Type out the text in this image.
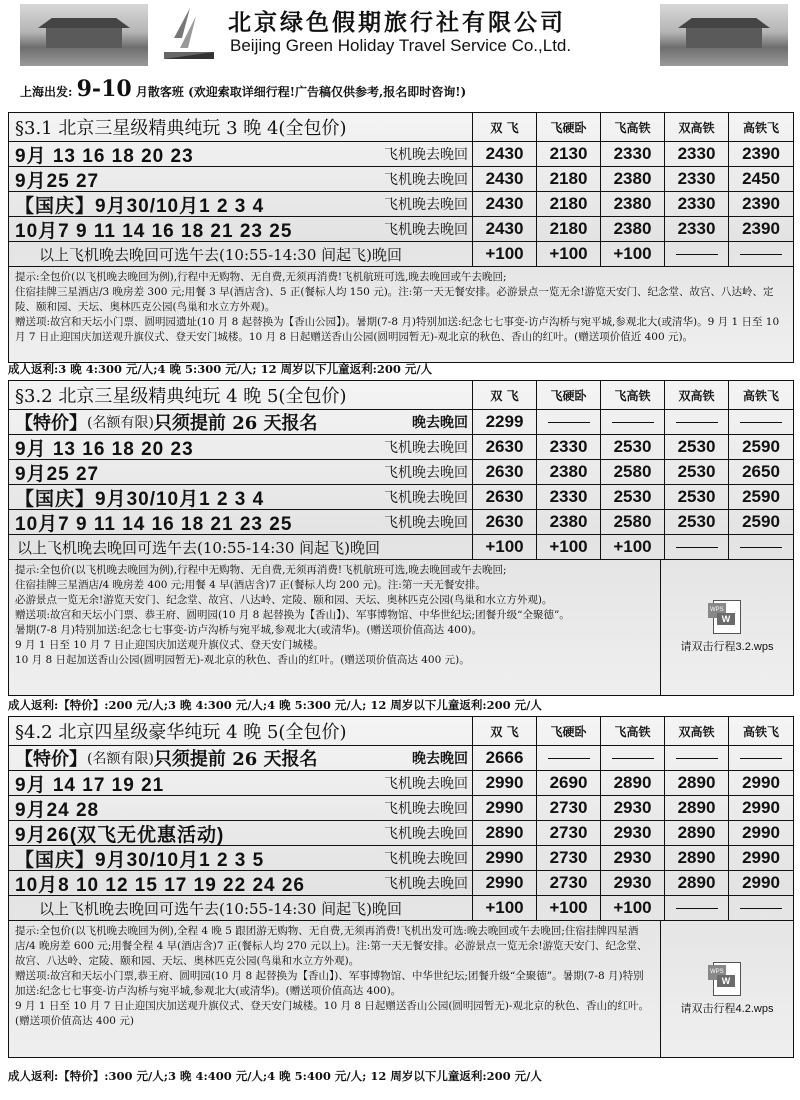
北京绿色假期旅行社有限公司
Beijing Green Holiday Travel Service Co.,Ltd.
上海出发: 9-10 月散客班 (欢迎索取详细行程!广告稿仅供参考,报名即时咨询!)
§3.1 北京三星级精典纯玩 3 晚 4(全包价)	双 飞	飞硬卧	飞高铁	双高铁	高铁飞
9月 13 16 18 20 23	飞机晚去晚回	2430	2130	2330	2330	2390
9月25 27	飞机晚去晚回	2430	2180	2380	2330	2450
【国庆】9月30/10月1 2 3 4	飞机晚去晚回	2430	2180	2380	2330	2390
10月7 9 11 14 16 18 21 23 25	飞机晚去晚回	2430	2180	2380	2330	2390
以上飞机晚去晚回可选午去(10:55-14:30 间起飞)晚回	+100	+100	+100

提示:全包价(以飞机晚去晚回为例),行程中无购物、无自费,无须再消费!飞机航班可选,晚去晚回或午去晚回;

住宿挂牌三星酒店/3 晚房差 300 元;用餐 3 早(酒店含)、5 正(餐标人均 150 元)。注:第一天无餐安排。必游景点一览无余!游览天安门、纪念堂、故宫、八达岭、定陵、颐和园、天坛、奥林匹克公园(鸟巢和水立方外观)。

赠送项:故宫和天坛小门票、圆明园遗址(10 月 8 起替换为【香山公园】)。暑期(7-8 月)特别加送:纪念七七事变-访卢沟桥与宛平城,参观北大(或清华)。9 月 1 日至 10 月 7 日止迎国庆加送观升旗仪式、登天安门城楼。10 月 8 日起赠送香山公园(圆明园暂无)-观北京的秋色、香山的红叶。(赠送项价值近 400 元)。

成人返利:3 晚 4:300 元/人;4 晚 5:300 元/人; 12 周岁以下儿童返利:200 元/人
§3.2 北京三星级精典纯玩 4 晚 5(全包价)	双 飞	飞硬卧	飞高铁	双高铁	高铁飞
【特价】 (名额有限) 只须提前 26 天报名	晚去晚回	2299
9月 13 16 18 20 23	飞机晚去晚回	2630	2330	2530	2530	2590
9月25 27	飞机晚去晚回	2630	2380	2580	2530	2650
【国庆】9月30/10月1 2 3 4	飞机晚去晚回	2630	2330	2530	2530	2590
10月7 9 11 14 16 18 21 23 25	飞机晚去晚回	2630	2380	2580	2530	2590
以上飞机晚去晚回可选午去(10:55-14:30 间起飞)晚回	+100	+100	+100

提示:全包价(以飞机晚去晚回为例),行程中无购物、无自费,无须再消费!飞机航班可选,晚去晚回或午去晚回;

住宿挂牌三星酒店/4 晚房差 400 元;用餐 4 早(酒店含)7 正(餐标人均 200 元)。注:第一天无餐安排。

必游景点一览无余!游览天安门、纪念堂、故宫、八达岭、定陵、颐和园、天坛、奥林匹克公园(鸟巢和水立方外观)。

赠送项:故宫和天坛小门票、恭王府、圆明园(10 月 8 起替换为【香山】)、军事博物馆、中华世纪坛;团餐升级“全聚德”。

暑期(7-8 月)特别加送:纪念七七事变-访卢沟桥与宛平城,参观北大(或清华)。(赠送项价值高达 400)。

9 月 1 日至 10 月 7 日止迎国庆加送观升旗仪式、登天安门城楼。

10 月 8 日起加送香山公园(圆明园暂无)-观北京的秋色、香山的红叶。(赠送项价值高达 400 元)。

WPS
W
请双击行程3.2.wps
成人返利:【特价】:200 元/人;3 晚 4:300 元/人;4 晚 5:300 元/人; 12 周岁以下儿童返利:200 元/人
§4.2 北京四星级豪华纯玩 4 晚 5(全包价)	双 飞	飞硬卧	飞高铁	双高铁	高铁飞
【特价】 (名额有限) 只须提前 26 天报名	晚去晚回	2666
9月 14 17 19 21	飞机晚去晚回	2990	2690	2890	2890	2990
9月24 28	飞机晚去晚回	2990	2730	2930	2890	2990
9月26(双飞无优惠活动)	飞机晚去晚回	2890	2730	2930	2890	2990
【国庆】9月30/10月1 2 3 5	飞机晚去晚回	2990	2730	2930	2890	2990
10月8 10 12 15 17 19 22 24 26	飞机晚去晚回	2990	2730	2930	2890	2990
以上飞机晚去晚回可选午去(10:55-14:30 间起飞)晚回	+100	+100	+100

提示:全包价(以飞机晚去晚回为例),全程 4 晚 5 跟团游无购物、无自费,无须再消费!飞机出发可选:晚去晚回或午去晚回;住宿挂牌四星酒店/4 晚房差 600 元;用餐全程 4 早(酒店含)7 正(餐标人均 270 元以上)。注:第一天无餐安排。必游景点一览无余!游览天安门、纪念堂、故宫、八达岭、定陵、颐和园、天坛、奥林匹克公园(鸟巢和水立方外观)。

赠送项:故宫和天坛小门票,恭王府、圆明园(10 月 8 起替换为【香山】)、军事博物馆、中华世纪坛;团餐升级“全聚德”。暑期(7-8 月)特别加送:纪念七七事变-访卢沟桥与宛平城,参观北大(或清华)。(赠送项价值高达 400)。

9 月 1 日至 10 月 7 日止迎国庆加送观升旗仪式、登天安门城楼。10 月 8 日起赠送香山公园(圆明园暂无)-观北京的秋色、香山的红叶。(赠送项价值高达 400 元)

WPS
W
请双击行程4.2.wps
成人返利:【特价】:300 元/人;3 晚 4:400 元/人;4 晚 5:400 元/人; 12 周岁以下儿童返利:200 元/人
